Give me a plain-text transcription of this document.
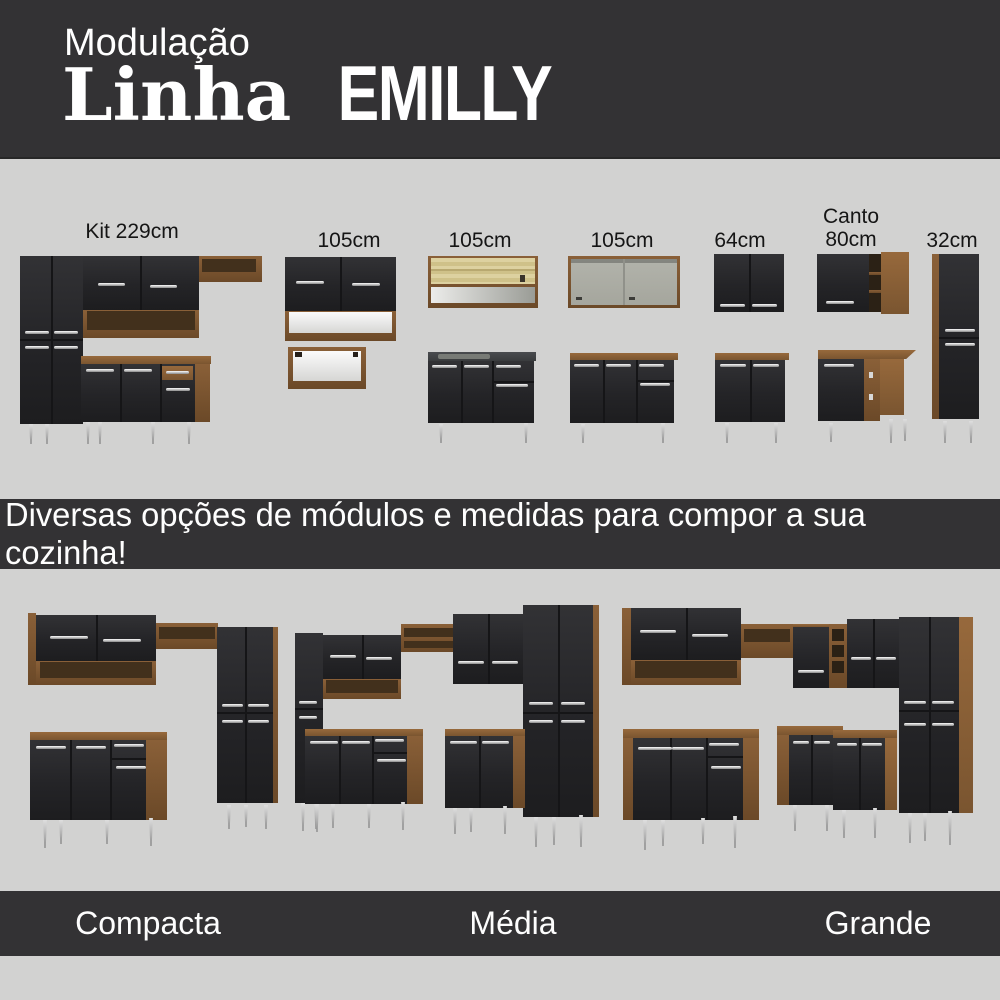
Modulação
Linha EMILLY
Kit 229cm	105cm	105cm	105cm	64cm
Canto
80cm	32cm
Diversas opções de módulos e medidas para compor a sua cozinha!
Compacta	Média	Grande
